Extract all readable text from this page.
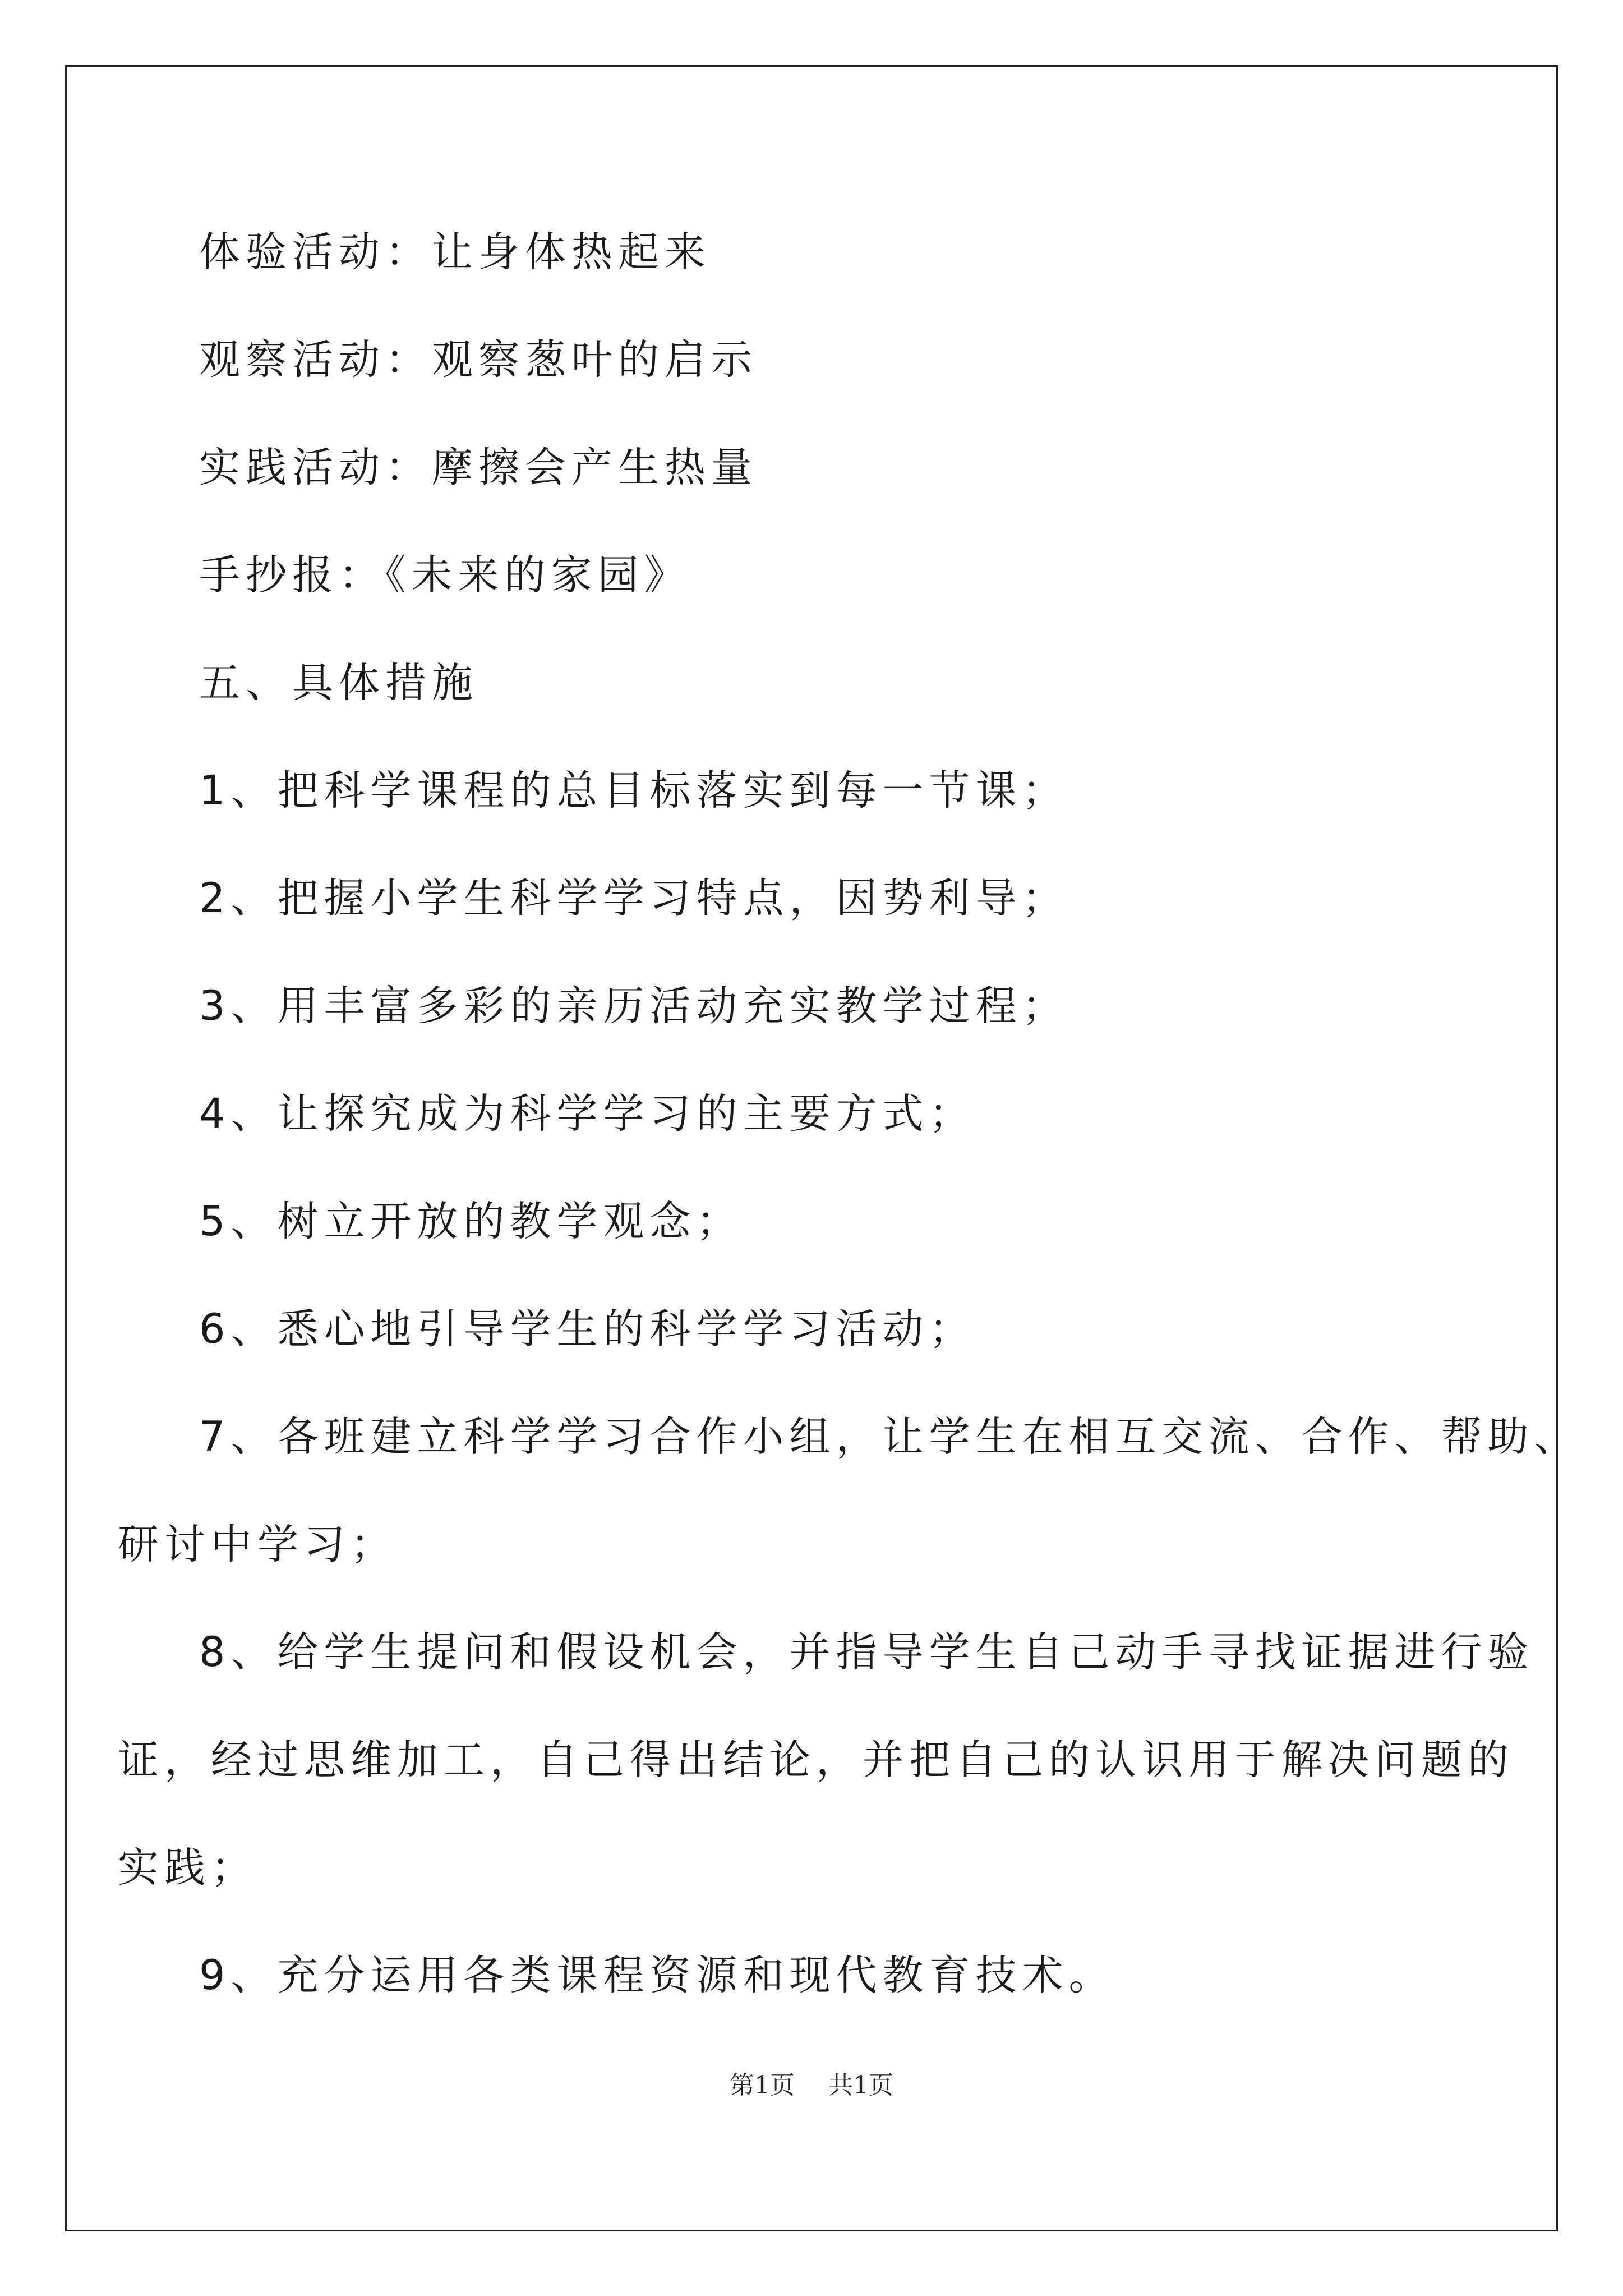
体验活动：让身体热起来
观察活动：观察葱叶的启示
实践活动：摩擦会产生热量
手抄报：《未来的家园》
五、具体措施
1、把科学课程的总目标落实到每一节课；
2、把握小学生科学学习特点，因势利导；
3、用丰富多彩的亲历活动充实教学过程；
4、让探究成为科学学习的主要方式；
5、树立开放的教学观念；
6、悉心地引导学生的科学学习活动；
7、各班建立科学学习合作小组，让学生在相互交流、合作、帮助、
研讨中学习；
8、给学生提问和假设机会，并指导学生自己动手寻找证据进行验
证，经过思维加工，自己得出结论，并把自己的认识用于解决问题的
实践；
9、充分运用各类课程资源和现代教育技术。
第1页 共1页
